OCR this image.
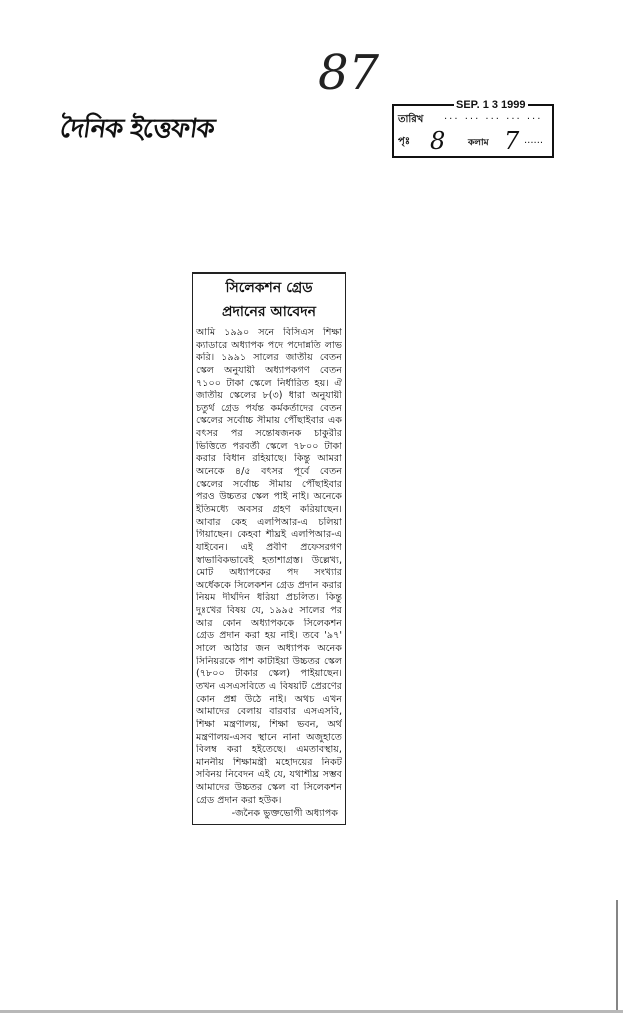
দৈনিক ইত্তেফাক
87
SEP. 1 3 1999
তারিখ ··· ··· ··· ··· ···
পৃঃ 8	কলাম 7 ······
সিলেকশন গ্রেড
প্রদানের আবেদন
আমি ১৯৯০ সনে বিসিএস শিক্ষা
ক্যাডারে অধ্যাপক পদে পদোন্নতি লাভ
করি। ১৯৯১ সালের জাতীয় বেতন
স্কেল অনুযায়ী অধ্যাপকগণ বেতন
৭১০০ টাকা স্কেলে নির্ধারিত হয়। ঐ
জাতীয় স্কেলের ৮(৩) ধারা অনুযায়ী
চতুর্থ গ্রেড পর্যন্ত কর্মকর্তাদের বেতন
স্কেলের সর্বোচ্চ সীমায় পৌঁছাইবার এক
বৎসর পর সন্তোষজনক চাকুরীর
ভিত্তিতে পরবর্তী স্কেলে ৭৮০০ টাকা
করার বিধান রহিয়াছে। কিন্তু আমরা
অনেকে ৪/৫ বৎসর পূর্বে বেতন
স্কেলের সর্বোচ্চ সীমায় পৌঁছাইবার
পরও উচ্চতর স্কেল পাই নাই। অনেকে
ইতিমধ্যে অবসর গ্রহণ করিয়াছেন।
আবার কেহ এলপিআর-এ চলিয়া
গিয়াছেন। কেহবা শীঘ্রই এলপিআর-এ
যাইবেন। এই প্রবীণ প্রফেসরগণ
স্বাভাবিকভাবেই হতাশাগ্রস্ত। উল্লেখ্য,
মোট অধ্যাপকের পদ সংখ্যার
অর্ধেককে সিলেকশন গ্রেড প্রদান করার
নিয়ম দীর্ঘদিন ধরিয়া প্রচলিত। কিন্তু
দুঃখের বিষয় যে, ১৯৯৫ সালের পর
আর কোন অধ্যাপককে সিলেকশন
গ্রেড প্রদান করা হয় নাই। তবে '৯৭'
সালে আঠার জন অধ্যাপক অনেক
সিনিয়রকে পাশ কাটাইয়া উচ্চতর স্কেল
(৭৮০০ টাকার স্কেল) পাইয়াছেন।
তখন এসএসবিতে এ বিষয়টি প্রেরণের
কোন প্রশ্ন উঠে নাই। অথচ এখন
আমাদের বেলায় বারবার এসএসবি,
শিক্ষা মন্ত্রণালয়, শিক্ষা ভবন, অর্থ
মন্ত্রণালয়-এসব স্থানে নানা অজুহাতে
বিলম্ব করা হইতেছে। এমতাবস্থায়,
মাননীয় শিক্ষামন্ত্রী মহোদয়ের নিকট
সবিনয় নিবেদন এই যে, যথাশীঘ্র সম্ভব
আমাদের উচ্চতর স্কেল বা সিলেকশন
গ্রেড প্রদান করা হউক।
-জনৈক ভুক্তভোগী অধ্যাপক
